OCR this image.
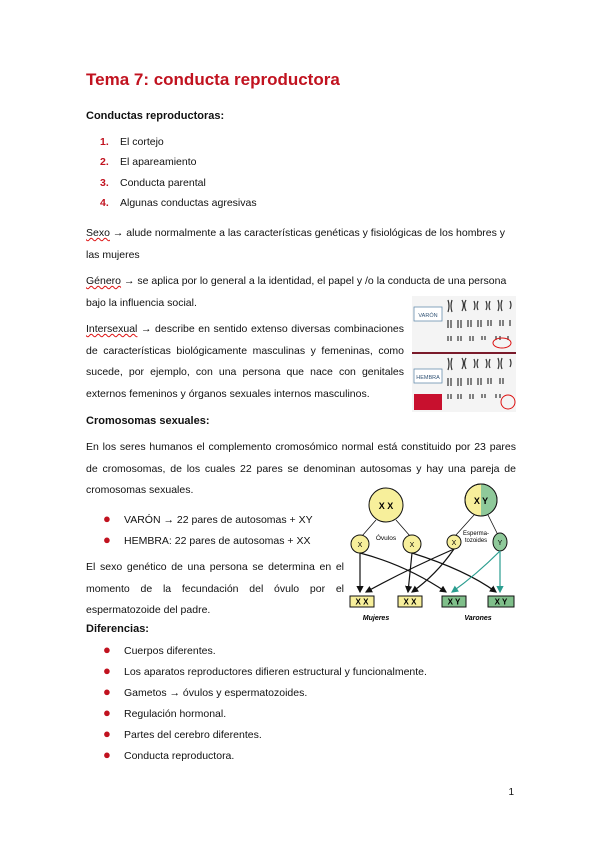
Tema 7: conducta reproductora
Conductas reproductoras:
1. El cortejo
2. El apareamiento
3. Conducta parental
4. Algunas conductas agresivas
Sexo → alude normalmente a las características genéticas y fisiológicas de los hombres y las mujeres
Género → se aplica por lo general a la identidad, el papel y /o la conducta de una persona bajo la influencia social.
Intersexual → describe en sentido extenso diversas combinaciones de características biológicamente masculinas y femeninas, como sucede, por ejemplo, con una persona que nace con genitales externos femeninos y órganos sexuales internos masculinos.
VARÓN
HEMBRA
Cromosomas sexuales:
En los seres humanos el complemento cromosómico normal está constituido por 23 pares de cromosomas, de los cuales 22 pares se denominan autosomas y hay una pareja de cromosomas sexuales.
● VARÓN → 22 pares de autosomas + XY
● HEMBRA: 22 pares de autosomas + XX
El sexo genético de una persona se determina en el momento de la fecundación del óvulo por el espermatozoide del padre.
X X	X Y
X	X
Óvulos
X	Y
Esperma-
tozoides
X X	X X	X Y	X Y
Mujeres	Varones
Diferencias:
● Cuerpos diferentes.
● Los aparatos reproductores difieren estructural y funcionalmente.
● Gametos → óvulos y espermatozoides.
● Regulación hormonal.
● Partes del cerebro diferentes.
● Conducta reproductora.
1
